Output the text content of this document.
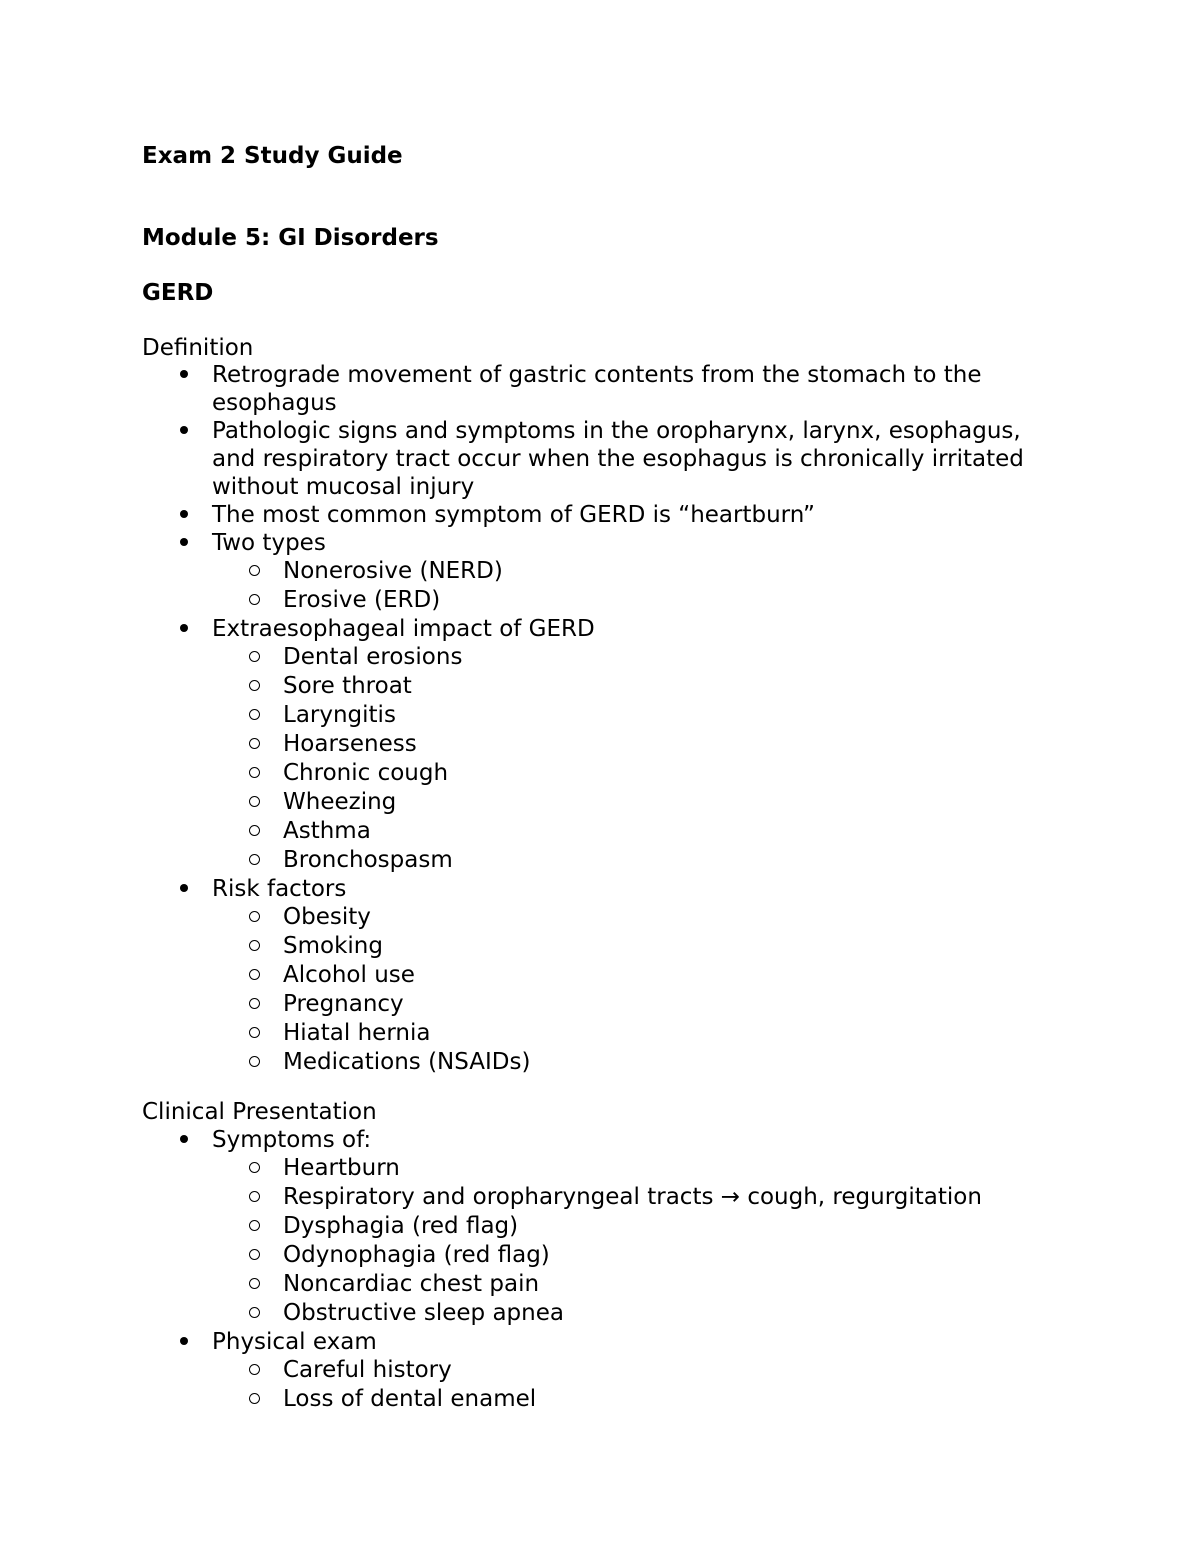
Exam 2 Study Guide
Module 5: GI Disorders
GERD
Definition
Retrograde movement of gastric contents from the stomach to the esophagus
Pathologic signs and symptoms in the oropharynx, larynx, esophagus, and respiratory tract occur when the esophagus is chronically irritated without mucosal injury
The most common symptom of GERD is “heartburn”
Two types
Nonerosive (NERD)
Erosive (ERD)
Extraesophageal impact of GERD
Dental erosions
Sore throat
Laryngitis
Hoarseness
Chronic cough
Wheezing
Asthma
Bronchospasm
Risk factors
Obesity
Smoking
Alcohol use
Pregnancy
Hiatal hernia
Medications (NSAIDs)
Clinical Presentation
Symptoms of:
Heartburn
Respiratory and oropharyngeal tracts → cough, regurgitation
Dysphagia (red flag)
Odynophagia (red flag)
Noncardiac chest pain
Obstructive sleep apnea
Physical exam
Careful history
Loss of dental enamel
